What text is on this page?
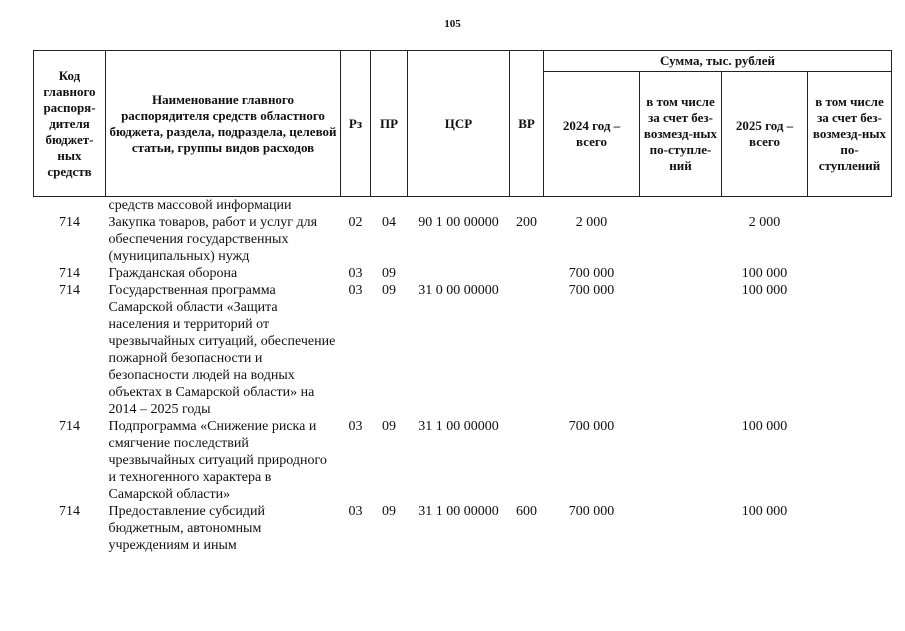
105
Код главного распоря-дителя бюджет-ных средств	Наименование главного распорядителя средств областного бюджета, раздела, подраздела, целевой статьи, группы видов расходов	Рз	ПР	ЦСР	ВР	Сумма, тыс. рублей			
						2024 год – всего	в том числе за счет без-возмезд-ных по-ступле-ний	2025 год – всего	в том числе за счет без-возмезд-ных по-ступлений
	средств массовой информации								
714	Закупка товаров, работ и услуг для обеспечения государственных (муниципальных) нужд	02	04	90 1 00 00000	200	2 000		2 000	
714	Гражданская оборона	03	09			700 000		100 000	
714	Государственная программа Самарской области «Защита населения и территорий от чрезвычайных ситуаций, обеспечение пожарной безопасности и безопасности людей на водных объектах в Самарской области» на 2014 – 2025 годы	03	09	31 0 00 00000		700 000		100 000	
714	Подпрограмма «Снижение риска и смягчение последствий чрезвычайных ситуаций природного и техногенного характера в Самарской области»	03	09	31 1 00 00000		700 000		100 000	
714	Предоставление субсидий бюджетным, автономным учреждениям и иным	03	09	31 1 00 00000	600	700 000		100 000	
